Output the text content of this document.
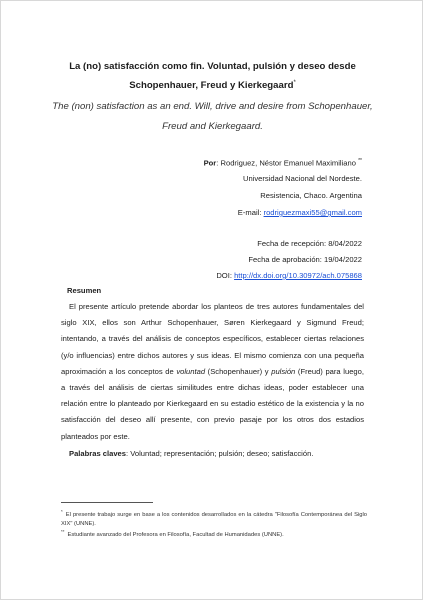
La (no) satisfacción como fin. Voluntad, pulsión y deseo desde
Schopenhauer, Freud y Kierkegaard*
The (non) satisfaction as an end. Will, drive and desire from Schopenhauer,
Freud and Kierkegaard.
Por: Rodriguez, Néstor Emanuel Maximiliano **
Universidad Nacional del Nordeste.
Resistencia, Chaco. Argentina
E-mail: rodriguezmaxi55@gmail.com
Fecha de recepción: 8/04/2022
Fecha de aprobación: 19/04/2022
DOI: http://dx.doi.org/10.30972/ach.075868
Resumen
El presente artículo pretende abordar los planteos de tres autores fundamentales del siglo XIX, ellos son Arthur Schopenhauer, Søren Kierkegaard y Sigmund Freud; intentando, a través del análisis de conceptos específicos, establecer ciertas relaciones (y/o influencias) entre dichos autores y sus ideas. El mismo comienza con una pequeña aproximación a los conceptos de voluntad (Schopenhauer) y pulsión (Freud) para luego, a través del análisis de ciertas similitudes entre dichas ideas, poder establecer una relación entre lo planteado por Kierkegaard en su estadio estético de la existencia y la no satisfacción del deseo allí presente, con previo pasaje por los otros dos estadios planteados por este.
Palabras claves: Voluntad; representación; pulsión; deseo; satisfacción.
*El presente trabajo surge en base a los contenidos desarrollados en la cátedra "Filosofía Contemporánea del Siglo XIX" (UNNE).
**Estudiante avanzado del Profesora en Filosofía, Facultad de Humanidades (UNNE).
